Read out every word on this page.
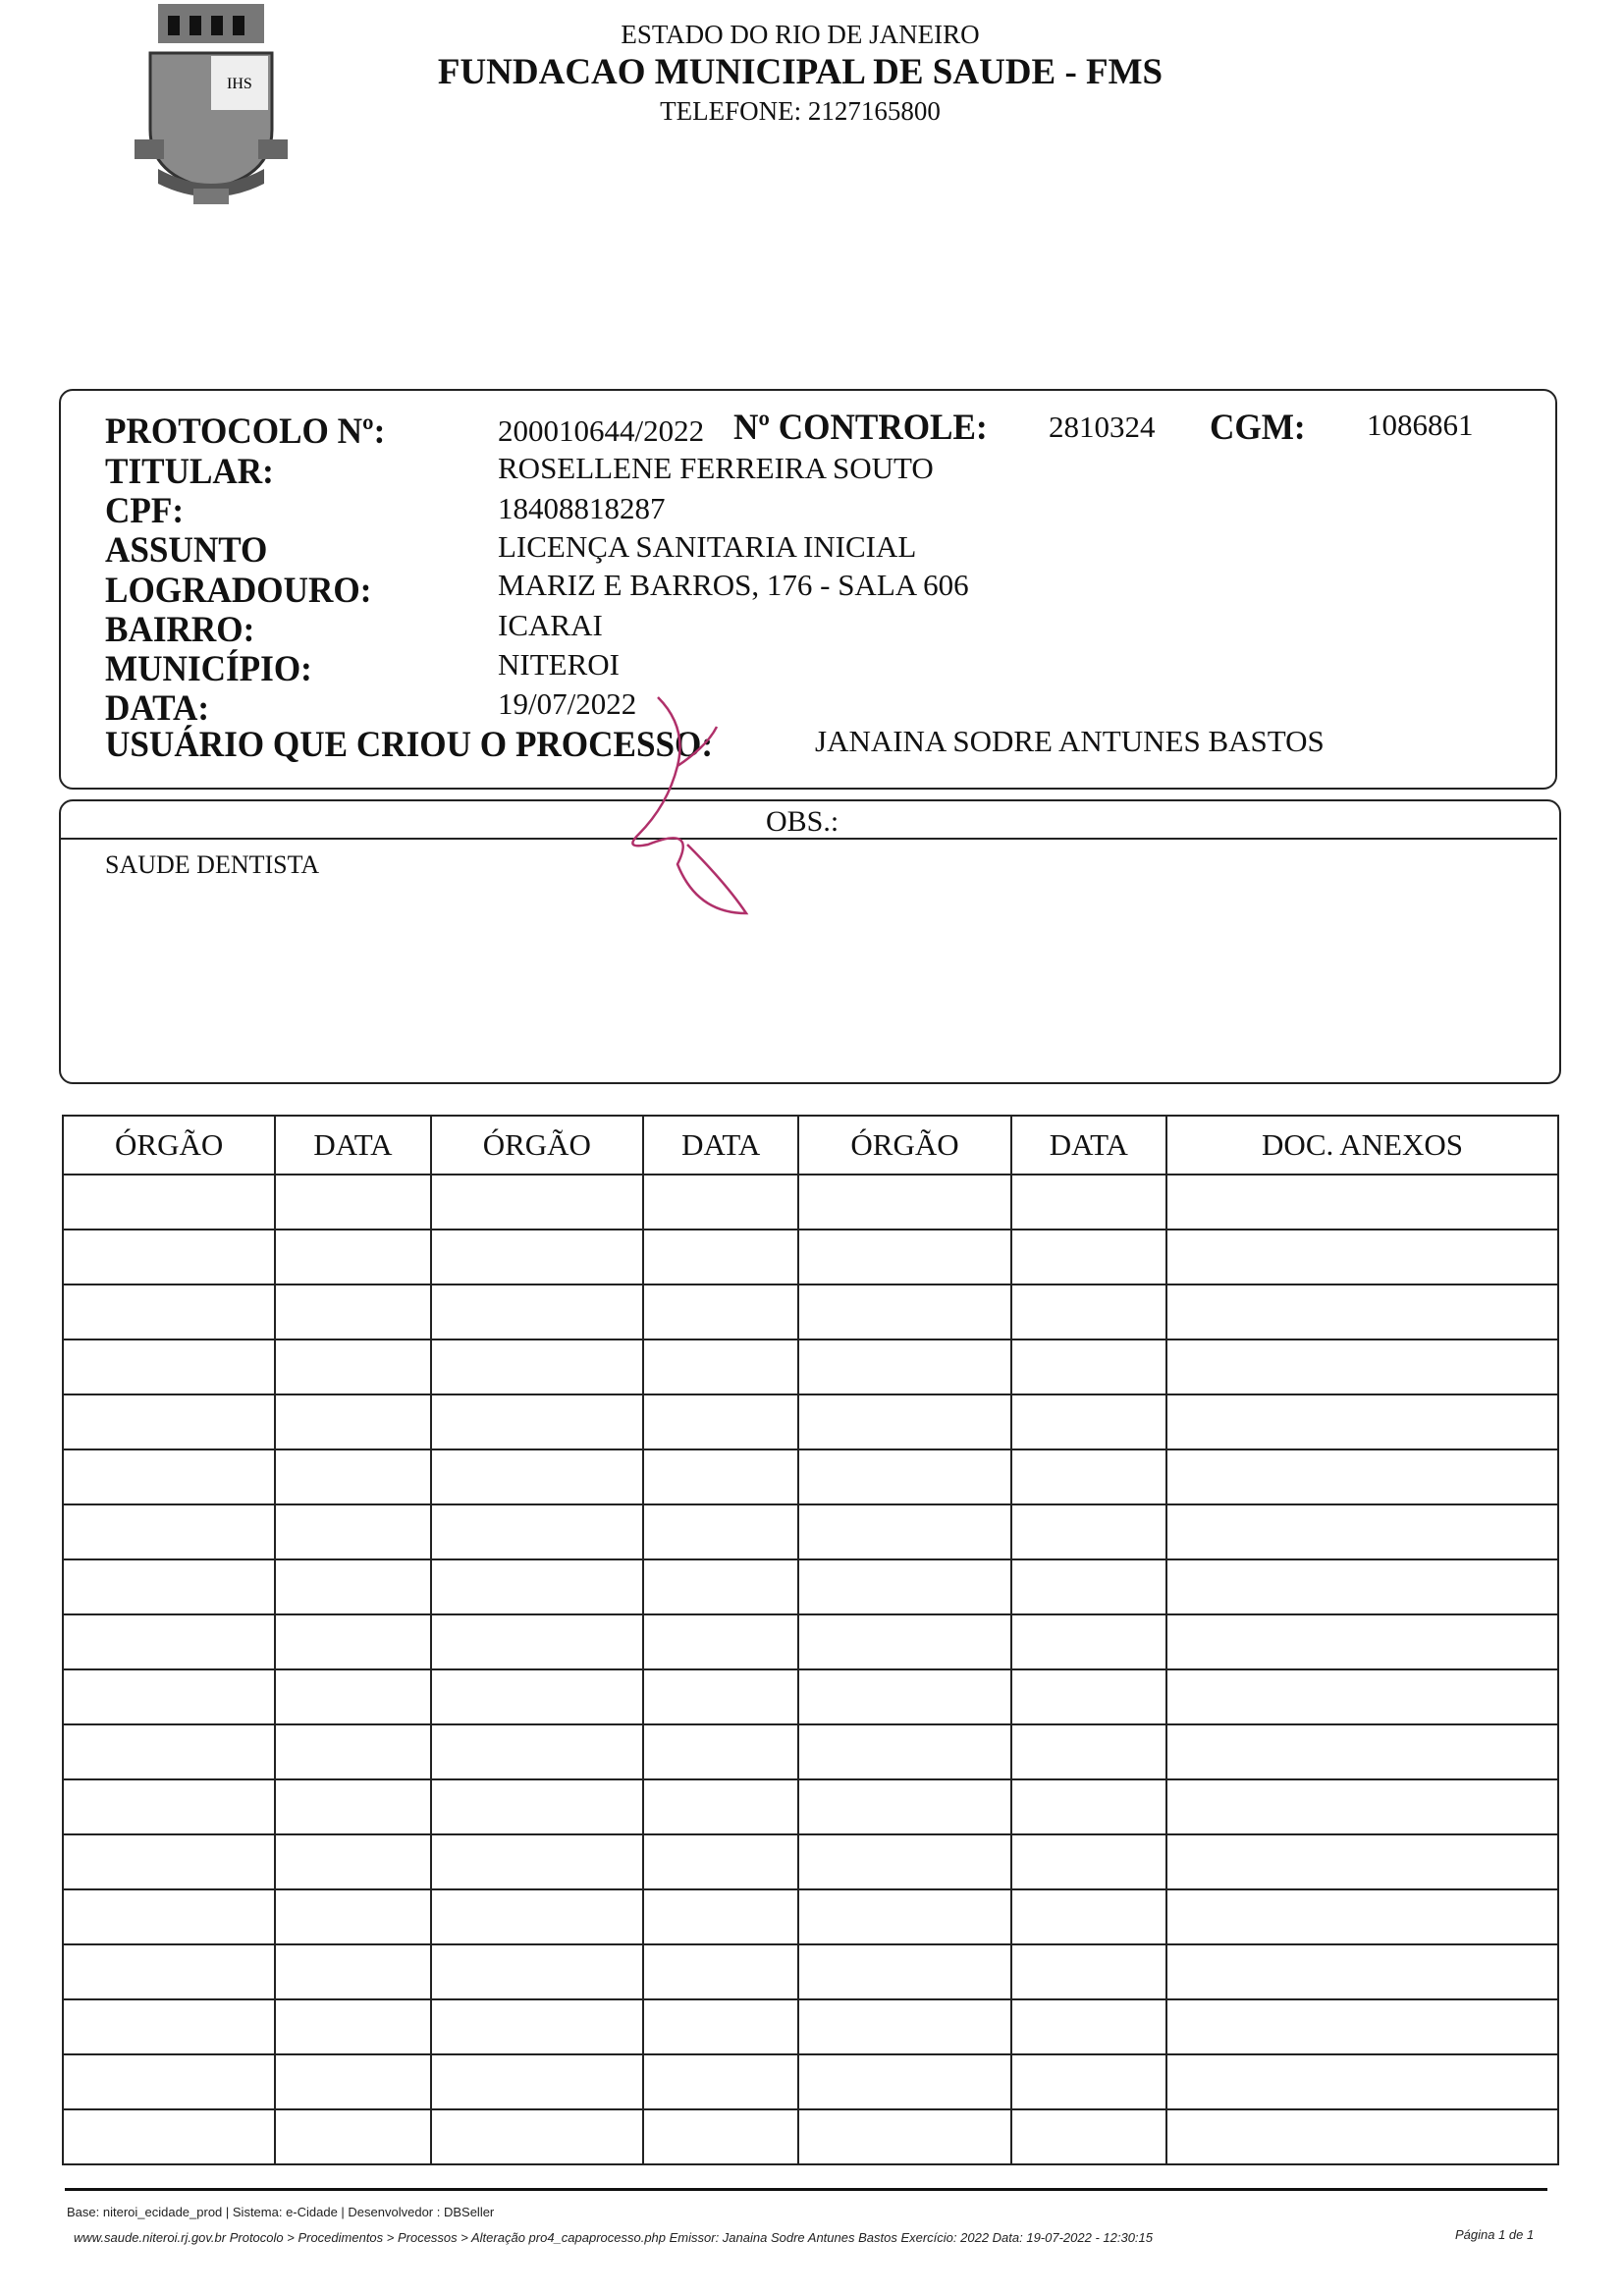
IHS
ESTADO DO RIO DE JANEIRO
FUNDACAO MUNICIPAL DE SAUDE - FMS
TELEFONE: 2127165800
PROTOCOLO Nº:	200010644/2022 Nº CONTROLE: 2810324 CGM: 1086861
TITULAR:	ROSELLENE FERREIRA SOUTO
CPF:	18408818287
ASSUNTO	LICENÇA SANITARIA INICIAL
LOGRADOURO:	MARIZ E BARROS, 176 - SALA 606
BAIRRO:	ICARAI
MUNICÍPIO:	NITEROI
DATA:	19/07/2022
USUÁRIO QUE CRIOU O PROCESSO:	JANAINA SODRE ANTUNES BASTOS
OBS.:
SAUDE DENTISTA
ÓRGÃO	DATA	ÓRGÃO	DATA	ÓRGÃO	DATA	DOC. ANEXOS

Base: niteroi_ecidade_prod | Sistema: e-Cidade | Desenvolvedor : DBSeller
www.saude.niteroi.rj.gov.br Protocolo > Procedimentos > Processos > Alteração pro4_capaprocesso.php Emissor: Janaina Sodre Antunes Bastos Exercício: 2022 Data: 19-07-2022 - 12:30:15	Página 1 de 1
